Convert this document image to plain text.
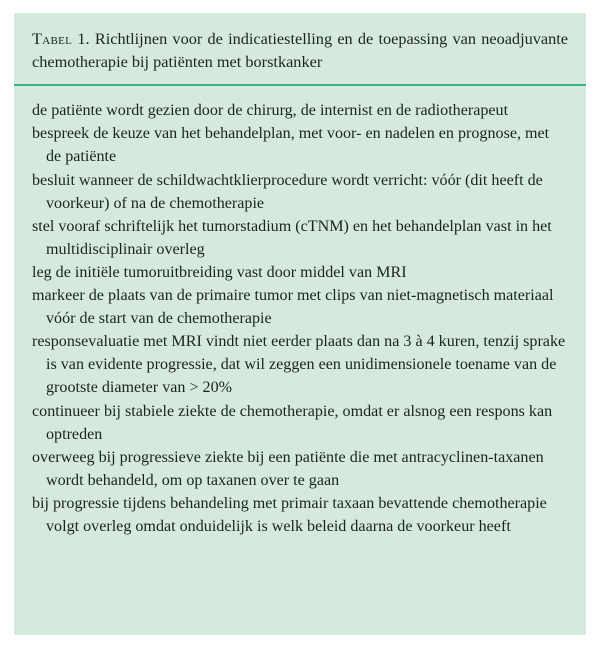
Tabel 1. Richtlijnen voor de indicatiestelling en de toepassing van neoadjuvante chemotherapie bij patiënten met borstkanker
de patiënte wordt gezien door de chirurg, de internist en de radiotherapeut
bespreek de keuze van het behandelplan, met voor- en nadelen en prognose, met de patiënte
besluit wanneer de schildwachtklierprocedure wordt verricht: vóór (dit heeft de voorkeur) of na de chemotherapie
stel vooraf schriftelijk het tumorstadium (cTNM) en het behandelplan vast in het multidisciplinair overleg
leg de initiële tumoruitbreiding vast door middel van MRI
markeer de plaats van de primaire tumor met clips van niet-magnetisch materiaal vóór de start van de chemotherapie
responsevaluatie met MRI vindt niet eerder plaats dan na 3 à 4 kuren, tenzij sprake is van evidente progressie, dat wil zeggen een unidimensionele toename van de grootste diameter van > 20%
continueer bij stabiele ziekte de chemotherapie, omdat er alsnog een respons kan optreden
overweeg bij progressieve ziekte bij een patiënte die met antracyclinen-taxanen wordt behandeld, om op taxanen over te gaan
bij progressie tijdens behandeling met primair taxaan bevattende chemotherapie volgt overleg omdat onduidelijk is welk beleid daarna de voorkeur heeft
